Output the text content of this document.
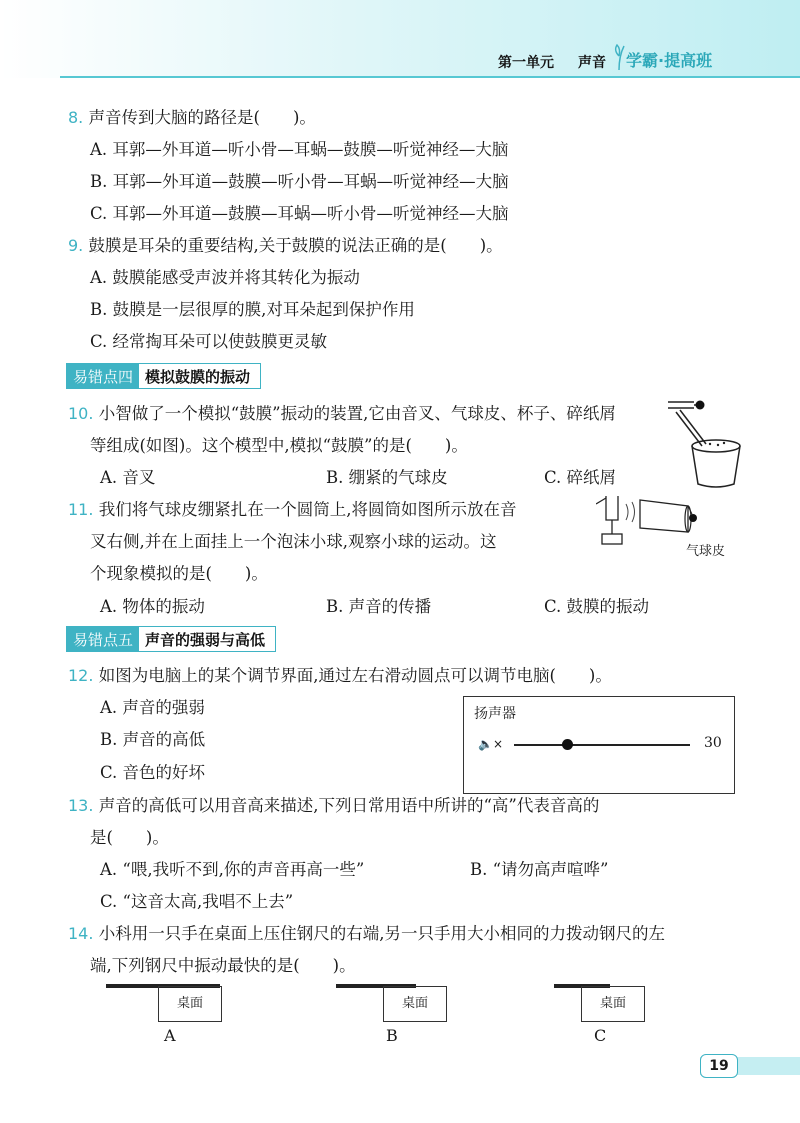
第一单元 声音 学霸·提高班
8. 声音传到大脑的路径是(　　)。
A. 耳郭—外耳道—听小骨—耳蜗—鼓膜—听觉神经—大脑
B. 耳郭—外耳道—鼓膜—听小骨—耳蜗—听觉神经—大脑
C. 耳郭—外耳道—鼓膜—耳蜗—听小骨—听觉神经—大脑
9. 鼓膜是耳朵的重要结构,关于鼓膜的说法正确的是(　　)。
A. 鼓膜能感受声波并将其转化为振动
B. 鼓膜是一层很厚的膜,对耳朵起到保护作用
C. 经常掏耳朵可以使鼓膜更灵敏
易错点四 模拟鼓膜的振动
10. 小智做了一个模拟“鼓膜”振动的装置,它由音叉、气球皮、杯子、碎纸屑
等组成(如图)。这个模型中,模拟“鼓膜”的是(　　)。
A. 音叉	B. 绷紧的气球皮	C. 碎纸屑
11. 我们将气球皮绷紧扎在一个圆筒上,将圆筒如图所示放在音
叉右侧,并在上面挂上一个泡沫小球,观察小球的运动。这
个现象模拟的是(　　)。
A. 物体的振动	B. 声音的传播	C. 鼓膜的振动
气球皮
易错点五 声音的强弱与高低
12. 如图为电脑上的某个调节界面,通过左右滑动圆点可以调节电脑(　　)。
A. 声音的强弱
B. 声音的高低
C. 音色的好坏
扬声器
🔈×	30
13. 声音的高低可以用音高来描述,下列日常用语中所讲的“高”代表音高的
是(　　)。
A. “喂,我听不到,你的声音再高一些”	B. “请勿高声喧哗”
C. “这音太高,我唱不上去”
14. 小科用一只手在桌面上压住钢尺的右端,另一只手用大小相同的力拨动钢尺的左
端,下列钢尺中振动最快的是(　　)。
桌面
A
桌面
B
桌面
C
19
